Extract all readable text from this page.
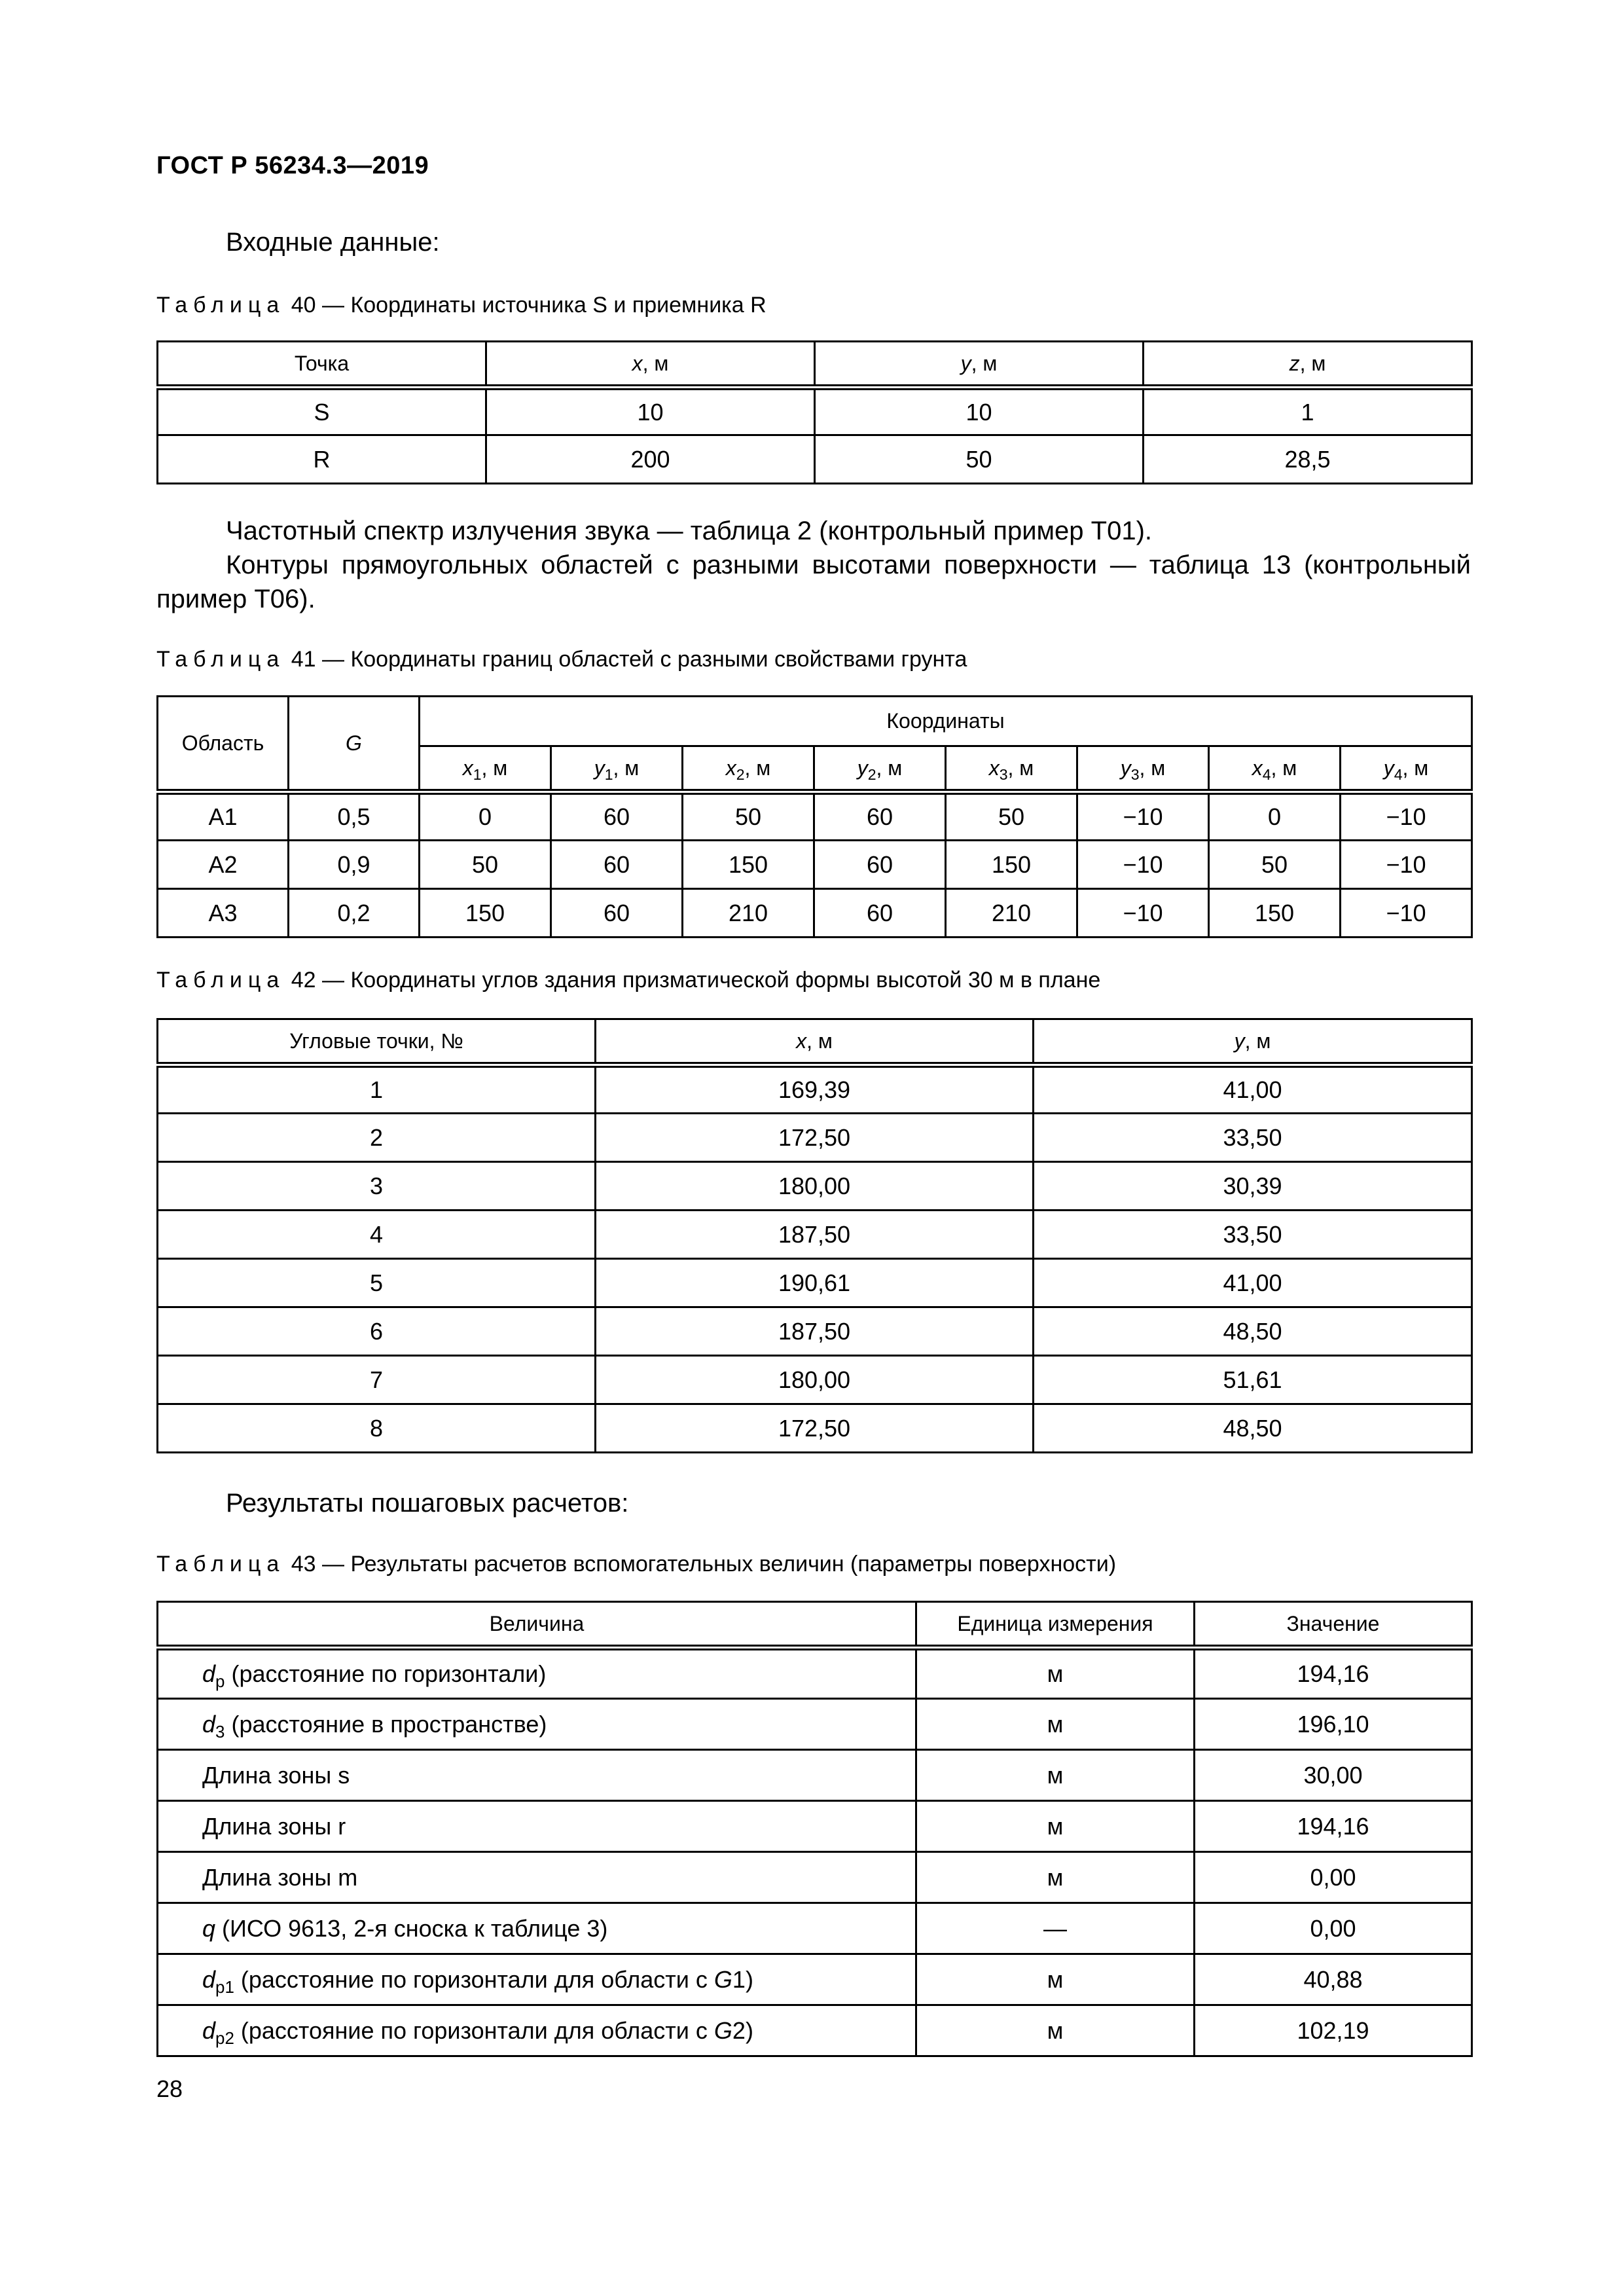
ГОСТ Р 56234.3—2019
Входные данные:
Таблица 40 — Координаты источника S и приемника R
Точка	x, м	y, м	z, м
S	10	10	1
R	200	50	28,5
Частотный спектр излучения звука — таблица 2 (контрольный пример Т01).
Контуры прямоугольных областей с разными высотами поверхности — таблица 13 (контрольный
пример Т06).
Таблица 41 — Координаты границ областей с разными свойствами грунта
Область	G	Координаты							
		$x_1$, м	$y_1$, м	$x_2$, м	$y_2$, м	$x_3$, м	$y_3$, м	$x_4$, м	$y_4$, м
A1	0,5	0	60	50	60	50	−10	0	−10
A2	0,9	50	60	150	60	150	−10	50	−10
A3	0,2	150	60	210	60	210	−10	150	−10
Таблица 42 — Координаты углов здания призматической формы высотой 30 м в плане
Угловые точки, №	x, м	y, м
1	169,39	41,00
2	172,50	33,50
3	180,00	30,39
4	187,50	33,50
5	190,61	41,00
6	187,50	48,50
7	180,00	51,61
8	172,50	48,50
Результаты пошаговых расчетов:
Таблица 43 — Результаты расчетов вспомогательных величин (параметры поверхности)
Величина	Единица измерения	Значение
$d_p$ (расстояние по горизонтали)	м	194,16
$d_3$ (расстояние в пространстве)	м	196,10
Длина зоны s	м	30,00
Длина зоны r	м	194,16
Длина зоны m	м	0,00
q (ИСО 9613, 2-я сноска к таблице 3)	—	0,00
$d_{p1}$ (расстояние по горизонтали для области с G1)	м	40,88
$d_{p2}$ (расстояние по горизонтали для области с G2)	м	102,19
28
